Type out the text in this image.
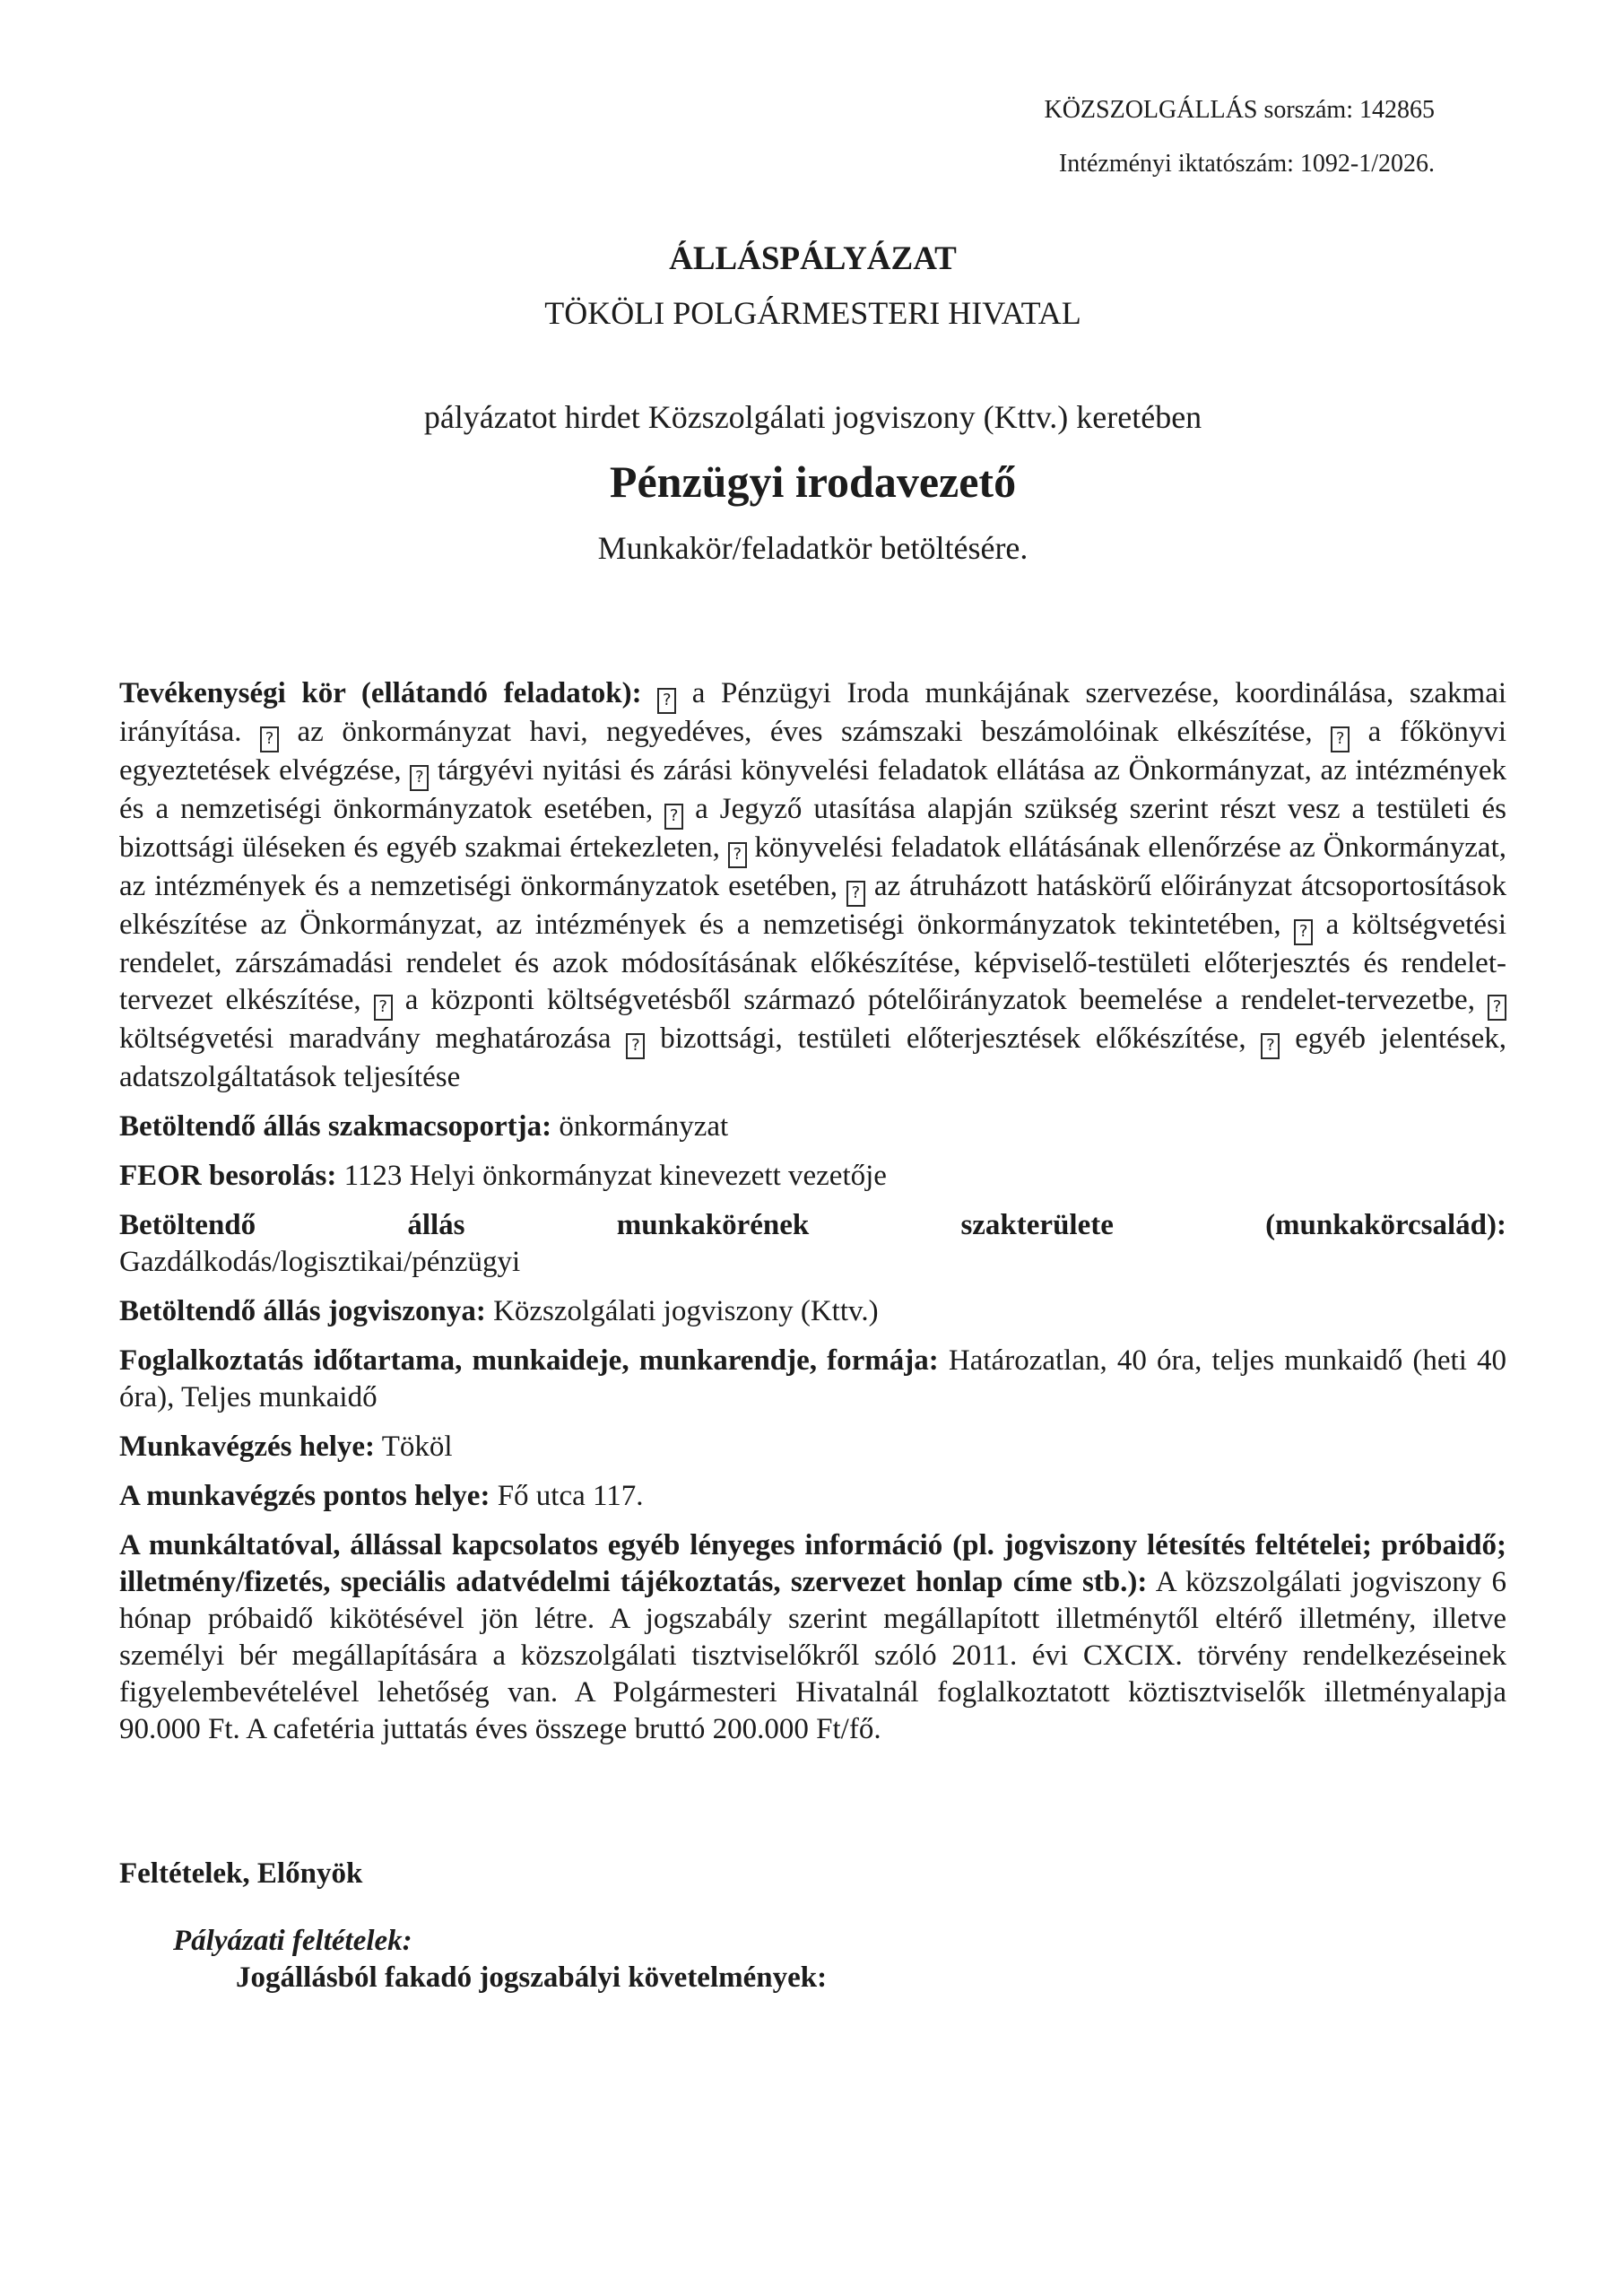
KÖZSZOLGÁLLÁS sorszám: 142865

Intézményi iktatószám: 1092-1/2026.

ÁLLÁSPÁLYÁZAT

TÖKÖLI POLGÁRMESTERI HIVATAL

pályázatot hirdet Közszolgálati jogviszony (Kttv.) keretében

Pénzügyi irodavezető

Munkakör/feladatkör betöltésére.

Tevékenységi kör (ellátandó feladatok): ? a Pénzügyi Iroda munkájának szervezése, koordinálása, szakmai irányítása. ? az önkormányzat havi, negyedéves, éves számszaki beszámolóinak elkészítése, ? a főkönyvi egyeztetések elvégzése, ? tárgyévi nyitási és zárási könyvelési feladatok ellátása az Önkormányzat, az intézmények és a nemzetiségi önkormányzatok esetében, ? a Jegyző utasítása alapján szükség szerint részt vesz a testületi és bizottsági üléseken és egyéb szakmai értekezleten, ? könyvelési feladatok ellátásának ellenőrzése az Önkormányzat, az intézmények és a nemzetiségi önkormányzatok esetében, ? az átruházott hatáskörű előirányzat átcsoportosítások elkészítése az Önkormányzat, az intézmények és a nemzetiségi önkormányzatok tekintetében, ? a költségvetési rendelet, zárszámadási rendelet és azok módosításának előkészítése, képviselő-testületi előterjesztés és rendelet-tervezet elkészítése, ? a központi költségvetésből származó pótelőirányzatok beemelése a rendelet-tervezetbe, ? költségvetési maradvány meghatározása ? bizottsági, testületi előterjesztések előkészítése, ? egyéb jelentések, adatszolgáltatások teljesítése

Betöltendő állás szakmacsoportja: önkormányzat

FEOR besorolás: 1123 Helyi önkormányzat kinevezett vezetője

Betöltendő állás munkakörének szakterülete (munkakörcsalád):
Gazdálkodás/logisztikai/pénzügyi

Betöltendő állás jogviszonya: Közszolgálati jogviszony (Kttv.)

Foglalkoztatás időtartama, munkaideje, munkarendje, formája: Határozatlan, 40 óra, teljes munkaidő (heti 40 óra), Teljes munkaidő

Munkavégzés helye: Tököl

A munkavégzés pontos helye: Fő utca 117.

A munkáltatóval, állással kapcsolatos egyéb lényeges információ (pl. jogviszony létesítés feltételei; próbaidő; illetmény/fizetés, speciális adatvédelmi tájékoztatás, szervezet honlap címe stb.): A közszolgálati jogviszony 6 hónap próbaidő kikötésével jön létre. A jogszabály szerint megállapított illetménytől eltérő illetmény, illetve személyi bér megállapítására a közszolgálati tisztviselőkről szóló 2011. évi CXCIX. törvény rendelkezéseinek figyelembevételével lehetőség van. A Polgármesteri Hivatalnál foglalkoztatott köztisztviselők illetményalapja 90.000 Ft. A cafetéria juttatás éves összege bruttó 200.000 Ft/fő.

Feltételek, Előnyök

Pályázati feltételek:

Jogállásból fakadó jogszabályi követelmények:
